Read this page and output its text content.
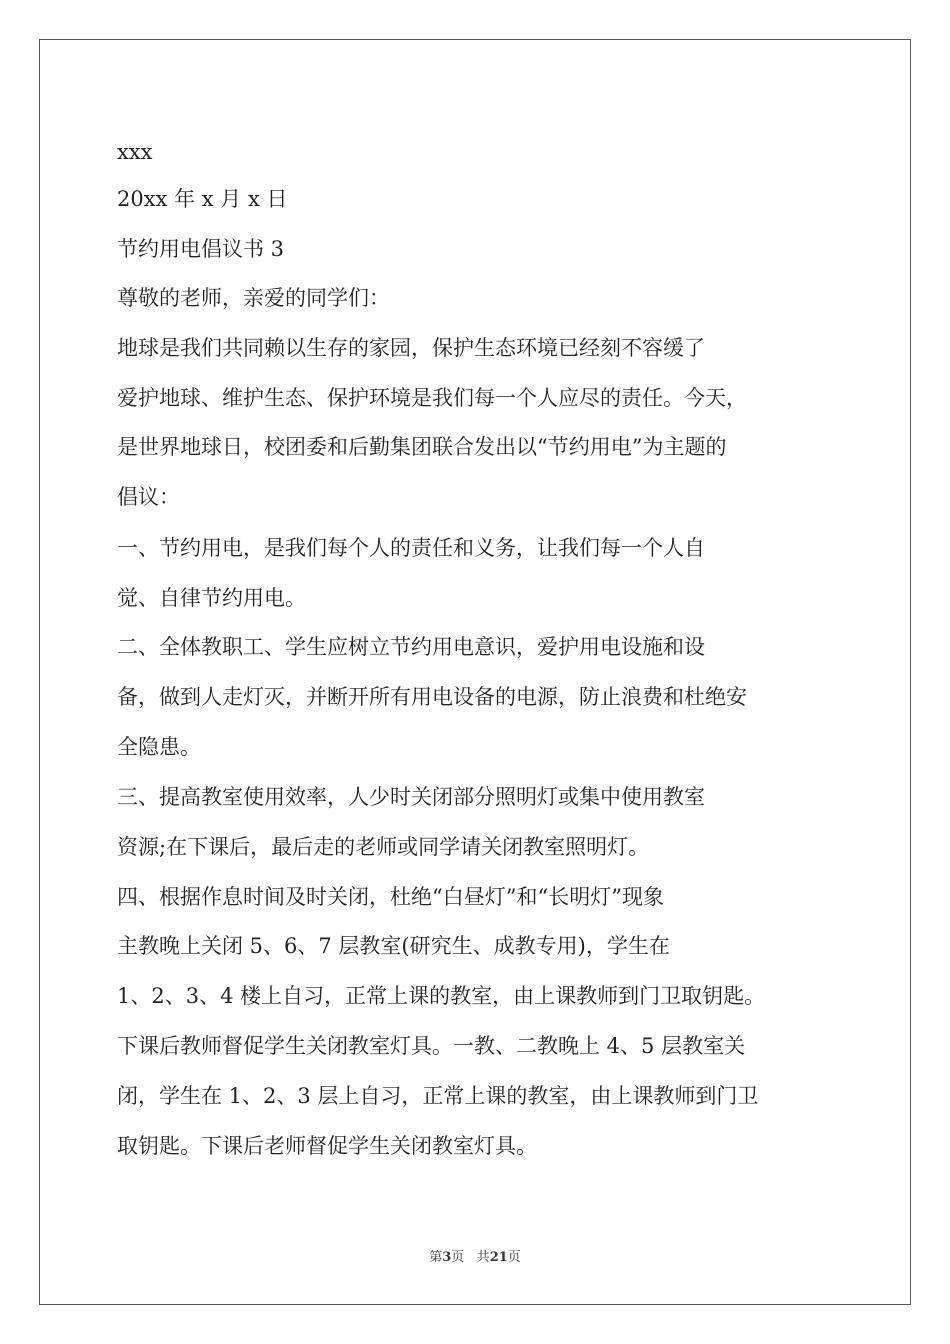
xxx

20xx 年 x 月 x 日

节约用电倡议书 3

尊敬的老师，亲爱的同学们：

地球是我们共同赖以生存的家园，保护生态环境已经刻不容缓了

爱护地球、维护生态、保护环境是我们每一个人应尽的责任。今天，

是世界地球日，校团委和后勤集团联合发出以“节约用电”为主题的

倡议：

一、节约用电，是我们每个人的责任和义务，让我们每一个人自

觉、自律节约用电。

二、全体教职工、学生应树立节约用电意识，爱护用电设施和设

备，做到人走灯灭，并断开所有用电设备的电源，防止浪费和杜绝安

全隐患。

三、提高教室使用效率，人少时关闭部分照明灯或集中使用教室

资源;在下课后，最后走的老师或同学请关闭教室照明灯。

四、根据作息时间及时关闭，杜绝“白昼灯”和“长明灯”现象

主教晚上关闭 5、6、7 层教室(研究生、成教专用)，学生在

1、2、3、4 楼上自习，正常上课的教室，由上课教师到门卫取钥匙。

下课后教师督促学生关闭教室灯具。一教、二教晚上 4、5 层教室关

闭，学生在 1、2、3 层上自习，正常上课的教室，由上课教师到门卫

取钥匙。下课后老师督促学生关闭教室灯具。

第3页 共21页
